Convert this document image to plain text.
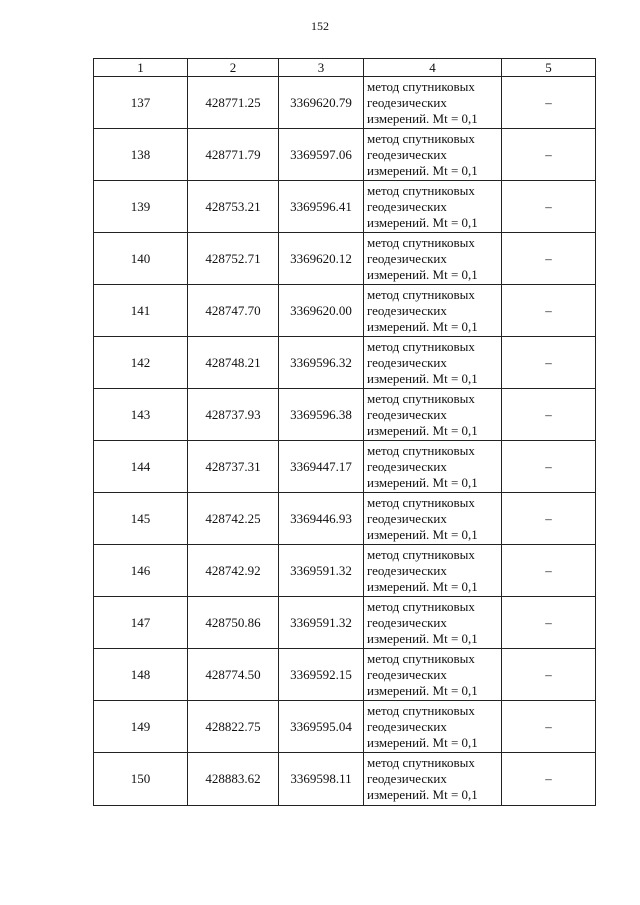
152
1	2	3	4	5
137	428771.25	3369620.79	метод спутниковых
геодезических
измерений. Mt = 0,1	–
138	428771.79	3369597.06	метод спутниковых
геодезических
измерений. Mt = 0,1	–
139	428753.21	3369596.41	метод спутниковых
геодезических
измерений. Mt = 0,1	–
140	428752.71	3369620.12	метод спутниковых
геодезических
измерений. Mt = 0,1	–
141	428747.70	3369620.00	метод спутниковых
геодезических
измерений. Mt = 0,1	–
142	428748.21	3369596.32	метод спутниковых
геодезических
измерений. Mt = 0,1	–
143	428737.93	3369596.38	метод спутниковых
геодезических
измерений. Mt = 0,1	–
144	428737.31	3369447.17	метод спутниковых
геодезических
измерений. Mt = 0,1	–
145	428742.25	3369446.93	метод спутниковых
геодезических
измерений. Mt = 0,1	–
146	428742.92	3369591.32	метод спутниковых
геодезических
измерений. Mt = 0,1	–
147	428750.86	3369591.32	метод спутниковых
геодезических
измерений. Mt = 0,1	–
148	428774.50	3369592.15	метод спутниковых
геодезических
измерений. Mt = 0,1	–
149	428822.75	3369595.04	метод спутниковых
геодезических
измерений. Mt = 0,1	–
150	428883.62	3369598.11	метод спутниковых
геодезических
измерений. Mt = 0,1	–
